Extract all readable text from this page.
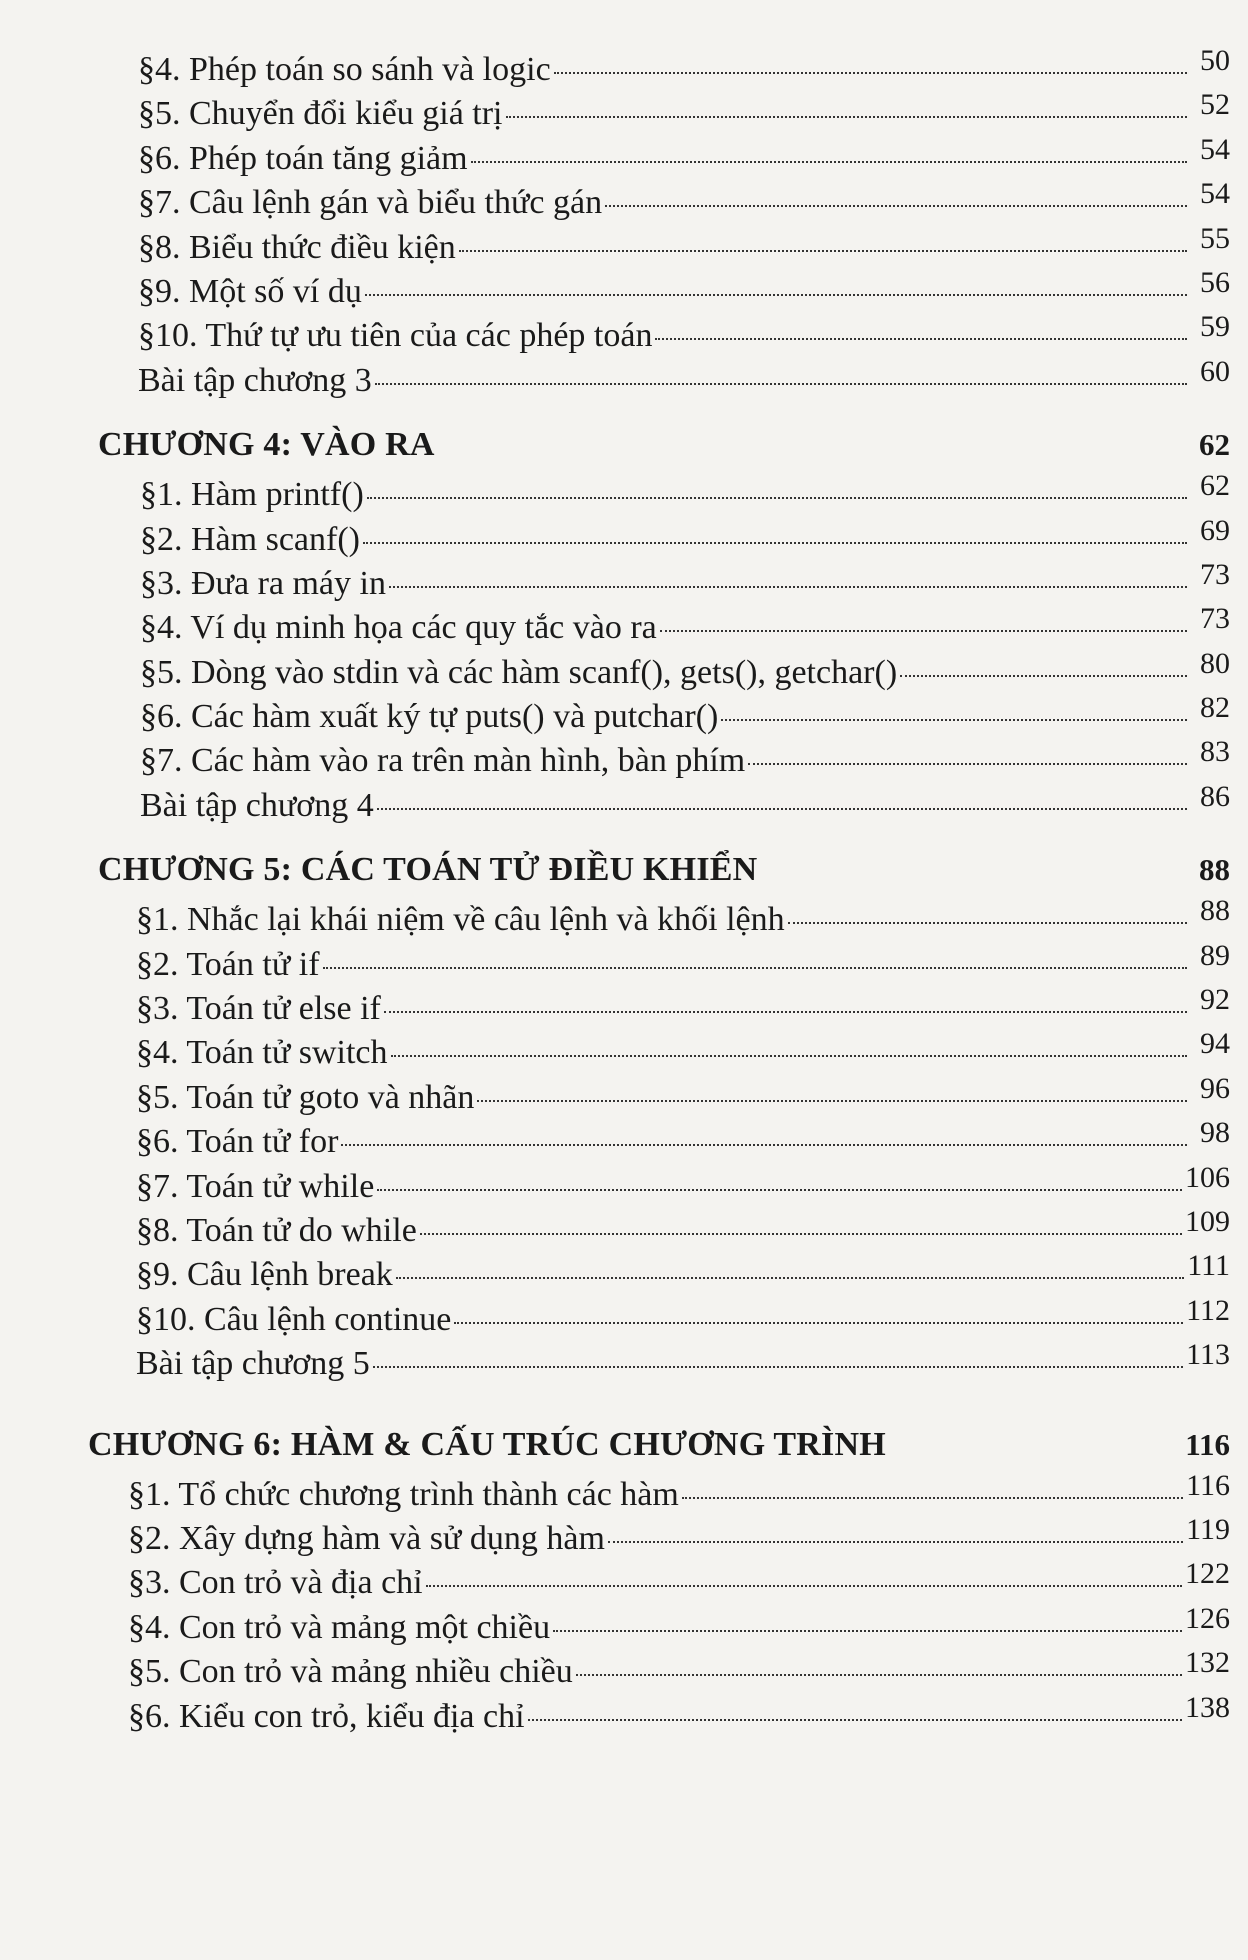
§4. Phép toán so sánh và logic	50
§5. Chuyển đổi kiểu giá trị	52
§6. Phép toán tăng giảm	54
§7. Câu lệnh gán và biểu thức gán	54
§8. Biểu thức điều kiện	55
§9. Một số ví dụ	56
§10. Thứ tự ưu tiên của các phép toán	59
Bài tập chương 3	60
CHƯƠNG 4: VÀO RA	62
§1. Hàm printf()	62
§2. Hàm scanf()	69
§3. Đưa ra máy in	73
§4. Ví dụ minh họa các quy tắc vào ra	73
§5. Dòng vào stdin và các hàm scanf(), gets(), getchar()	80
§6. Các hàm xuất ký tự puts() và putchar()	82
§7. Các hàm vào ra trên màn hình, bàn phím	83
Bài tập chương 4	86
CHƯƠNG 5: CÁC TOÁN TỬ ĐIỀU KHIỂN	88
§1. Nhắc lại khái niệm về câu lệnh và khối lệnh	88
§2. Toán tử if	89
§3. Toán tử else if	92
§4. Toán tử switch	94
§5. Toán tử goto và nhãn	96
§6. Toán tử for	98
§7. Toán tử while	106
§8. Toán tử do while	109
§9. Câu lệnh break	111
§10. Câu lệnh continue	112
Bài tập chương 5	113
CHƯƠNG 6: HÀM & CẤU TRÚC CHƯƠNG TRÌNH	116
§1. Tổ chức chương trình thành các hàm	116
§2. Xây dựng hàm và sử dụng hàm	119
§3. Con trỏ và địa chỉ	122
§4. Con trỏ và mảng một chiều	126
§5. Con trỏ và mảng nhiều chiều	132
§6. Kiểu con trỏ, kiểu địa chỉ	138
